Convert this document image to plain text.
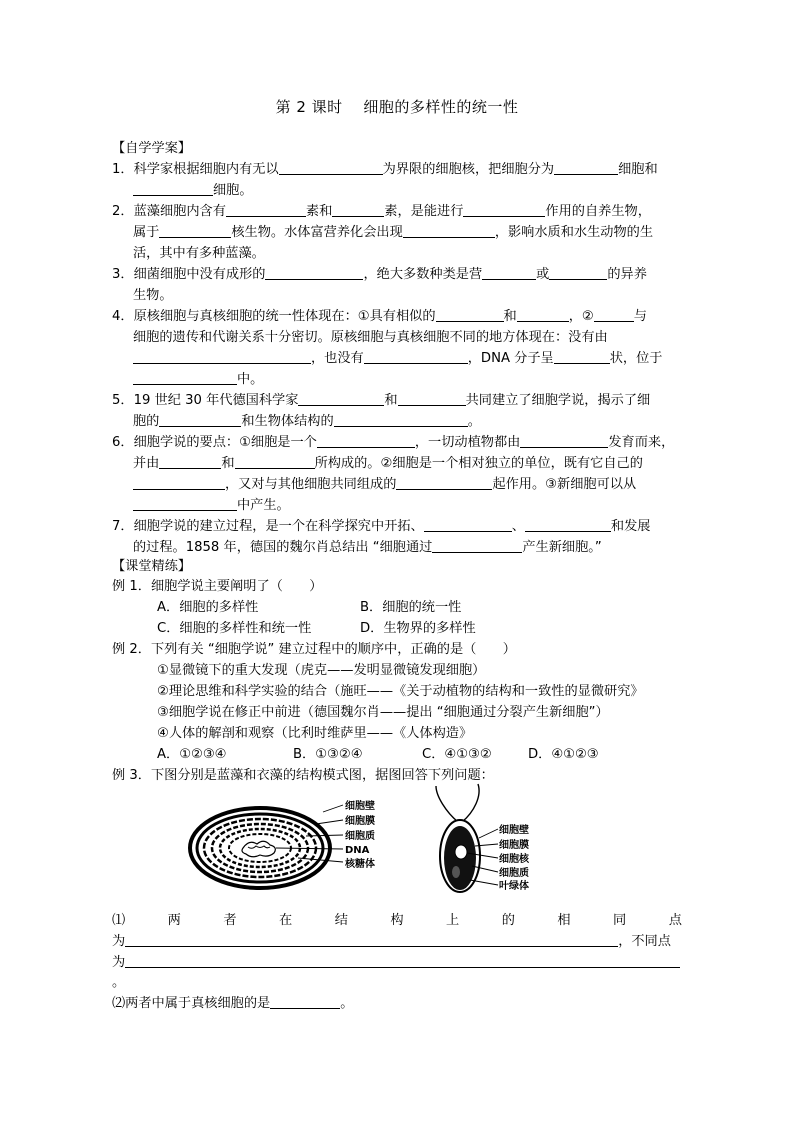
第 2 课时　 细胞的多样性的统一性
【自学学案】
1．科学家根据细胞内有无以	为界限的细胞核，把细胞分为	细胞和
细胞。
2．蓝藻细胞内含有	素和	素，是能进行	作用的自养生物，
属于	核生物。水体富营养化会出现	，影响水质和水生动物的生
活，其中有多种蓝藻。
3．细菌细胞中没有成形的	，绝大多数种类是营	或	的异养
生物。
4．原核细胞与真核细胞的统一性体现在：①具有相似的	和	，②	与
细胞的遗传和代谢关系十分密切。原核细胞与真核细胞不同的地方体现在：没有由
，也没有	，DNA 分子呈	状，位于
中。
5．19 世纪 30 年代德国科学家	和	共同建立了细胞学说，揭示了细
胞的	和生物体结构的	。
6．细胞学说的要点：①细胞是一个	，一切动植物都由	发育而来，
并由	和	所构成的。②细胞是一个相对独立的单位，既有它自己的
，又对与其他细胞共同组成的	起作用。③新细胞可以从
中产生。
7．细胞学说的建立过程，是一个在科学探究中开拓、	、	和发展
的过程。1858 年，德国的魏尔肖总结出 “细胞通过	产生新细胞。”
【课堂精练】
例 1．细胞学说主要阐明了（　　）
A．细胞的多样性	B．细胞的统一性
C．细胞的多样性和统一性	D．生物界的多样性
例 2．下列有关 “细胞学说” 建立过程中的顺序中，正确的是（　　）
①显微镜下的重大发现（虎克——发明显微镜发现细胞）
②理论思维和科学实验的结合（施旺——《关于动植物的结构和一致性的显微研究》
③细胞学说在修正中前进（德国魏尔肖——提出 “细胞通过分裂产生新细胞”）
④人体的解剖和观察（比利时维萨里——《人体构造》
A．①②③④	B．①③②④	C．④①③②	D．④①②③
例 3．下图分别是蓝藻和衣藻的结构模式图，据图回答下列问题：
细胞壁
细胞膜
细胞质
DNA
核糖体
细胞壁
细胞膜
细胞核
细胞质
叶绿体
⑴	两	者	在	结	构	上	的	相	同	点
为	，不同点
为
。
⑵两者中属于真核细胞的是	。
